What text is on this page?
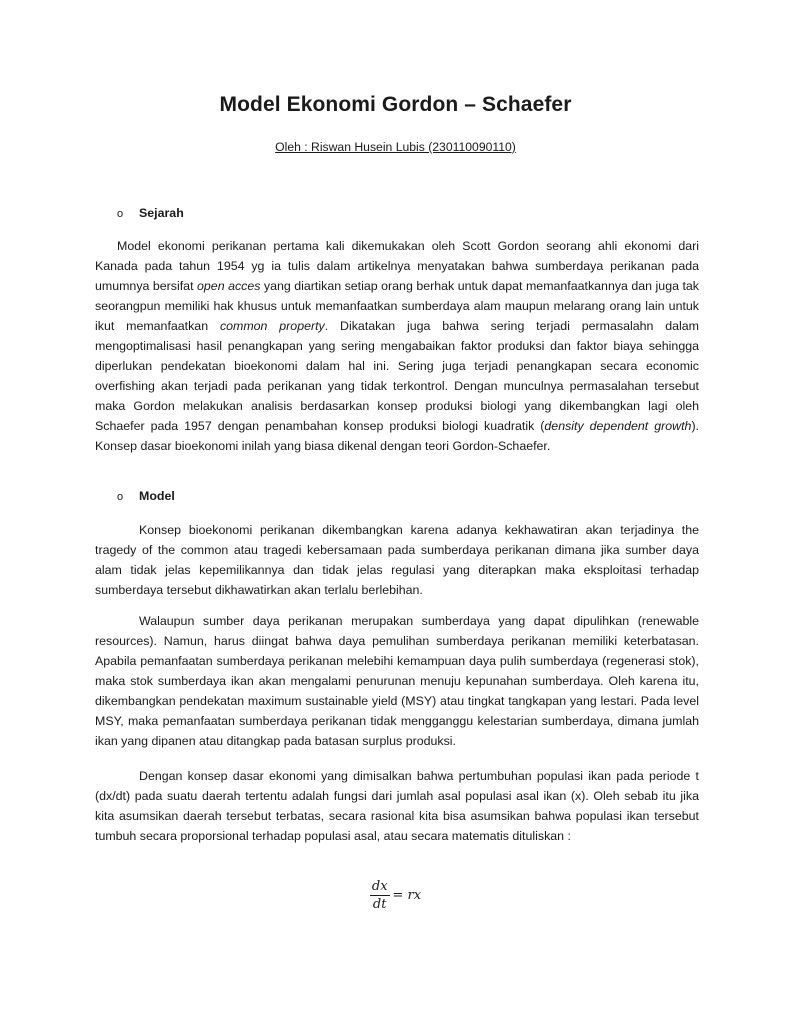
Model Ekonomi Gordon – Schaefer
Oleh : Riswan Husein Lubis (230110090110)
o Sejarah

Model ekonomi perikanan pertama kali dikemukakan oleh Scott Gordon seorang ahli ekonomi dari Kanada pada tahun 1954 yg ia tulis dalam artikelnya menyatakan bahwa sumberdaya perikanan pada umumnya bersifat open acces yang diartikan setiap orang berhak untuk dapat memanfaatkannya dan juga tak seorangpun memiliki hak khusus untuk memanfaatkan sumberdaya alam maupun melarang orang lain untuk ikut memanfaatkan common property. Dikatakan juga bahwa sering terjadi permasalahn dalam mengoptimalisasi hasil penangkapan yang sering mengabaikan faktor produksi dan faktor biaya sehingga diperlukan pendekatan bioekonomi dalam hal ini. Sering juga terjadi penangkapan secara economic overfishing akan terjadi pada perikanan yang tidak terkontrol. Dengan munculnya permasalahan tersebut maka Gordon melakukan analisis berdasarkan konsep produksi biologi yang dikembangkan lagi oleh Schaefer pada 1957 dengan penambahan konsep produksi biologi kuadratik (density dependent growth). Konsep dasar bioekonomi inilah yang biasa dikenal dengan teori Gordon-Schaefer.

o Model

Konsep bioekonomi perikanan dikembangkan karena adanya kekhawatiran akan terjadinya the tragedy of the common atau tragedi kebersamaan pada sumberdaya perikanan dimana jika sumber daya alam tidak jelas kepemilikannya dan tidak jelas regulasi yang diterapkan maka eksploitasi terhadap sumberdaya tersebut dikhawatirkan akan terlalu berlebihan.

Walaupun sumber daya perikanan merupakan sumberdaya yang dapat dipulihkan (renewable resources). Namun, harus diingat bahwa daya pemulihan sumberdaya perikanan memiliki keterbatasan. Apabila pemanfaatan sumberdaya perikanan melebihi kemampuan daya pulih sumberdaya (regenerasi stok), maka stok sumberdaya ikan akan mengalami penurunan menuju kepunahan sumberdaya. Oleh karena itu, dikembangkan pendekatan maximum sustainable yield (MSY) atau tingkat tangkapan yang lestari. Pada level MSY, maka pemanfaatan sumberdaya perikanan tidak mengganggu kelestarian sumberdaya, dimana jumlah ikan yang dipanen atau ditangkap pada batasan surplus produksi.

Dengan konsep dasar ekonomi yang dimisalkan bahwa pertumbuhan populasi ikan pada periode t (dx/dt) pada suatu daerah tertentu adalah fungsi dari jumlah asal populasi asal ikan (x). Oleh sebab itu jika kita asumsikan daerah tersebut terbatas, secara rasional kita bisa asumsikan bahwa populasi ikan tersebut tumbuh secara proporsional terhadap populasi asal, atau secara matematis dituliskan :

$\frac{dx}{dt}$ = rx
